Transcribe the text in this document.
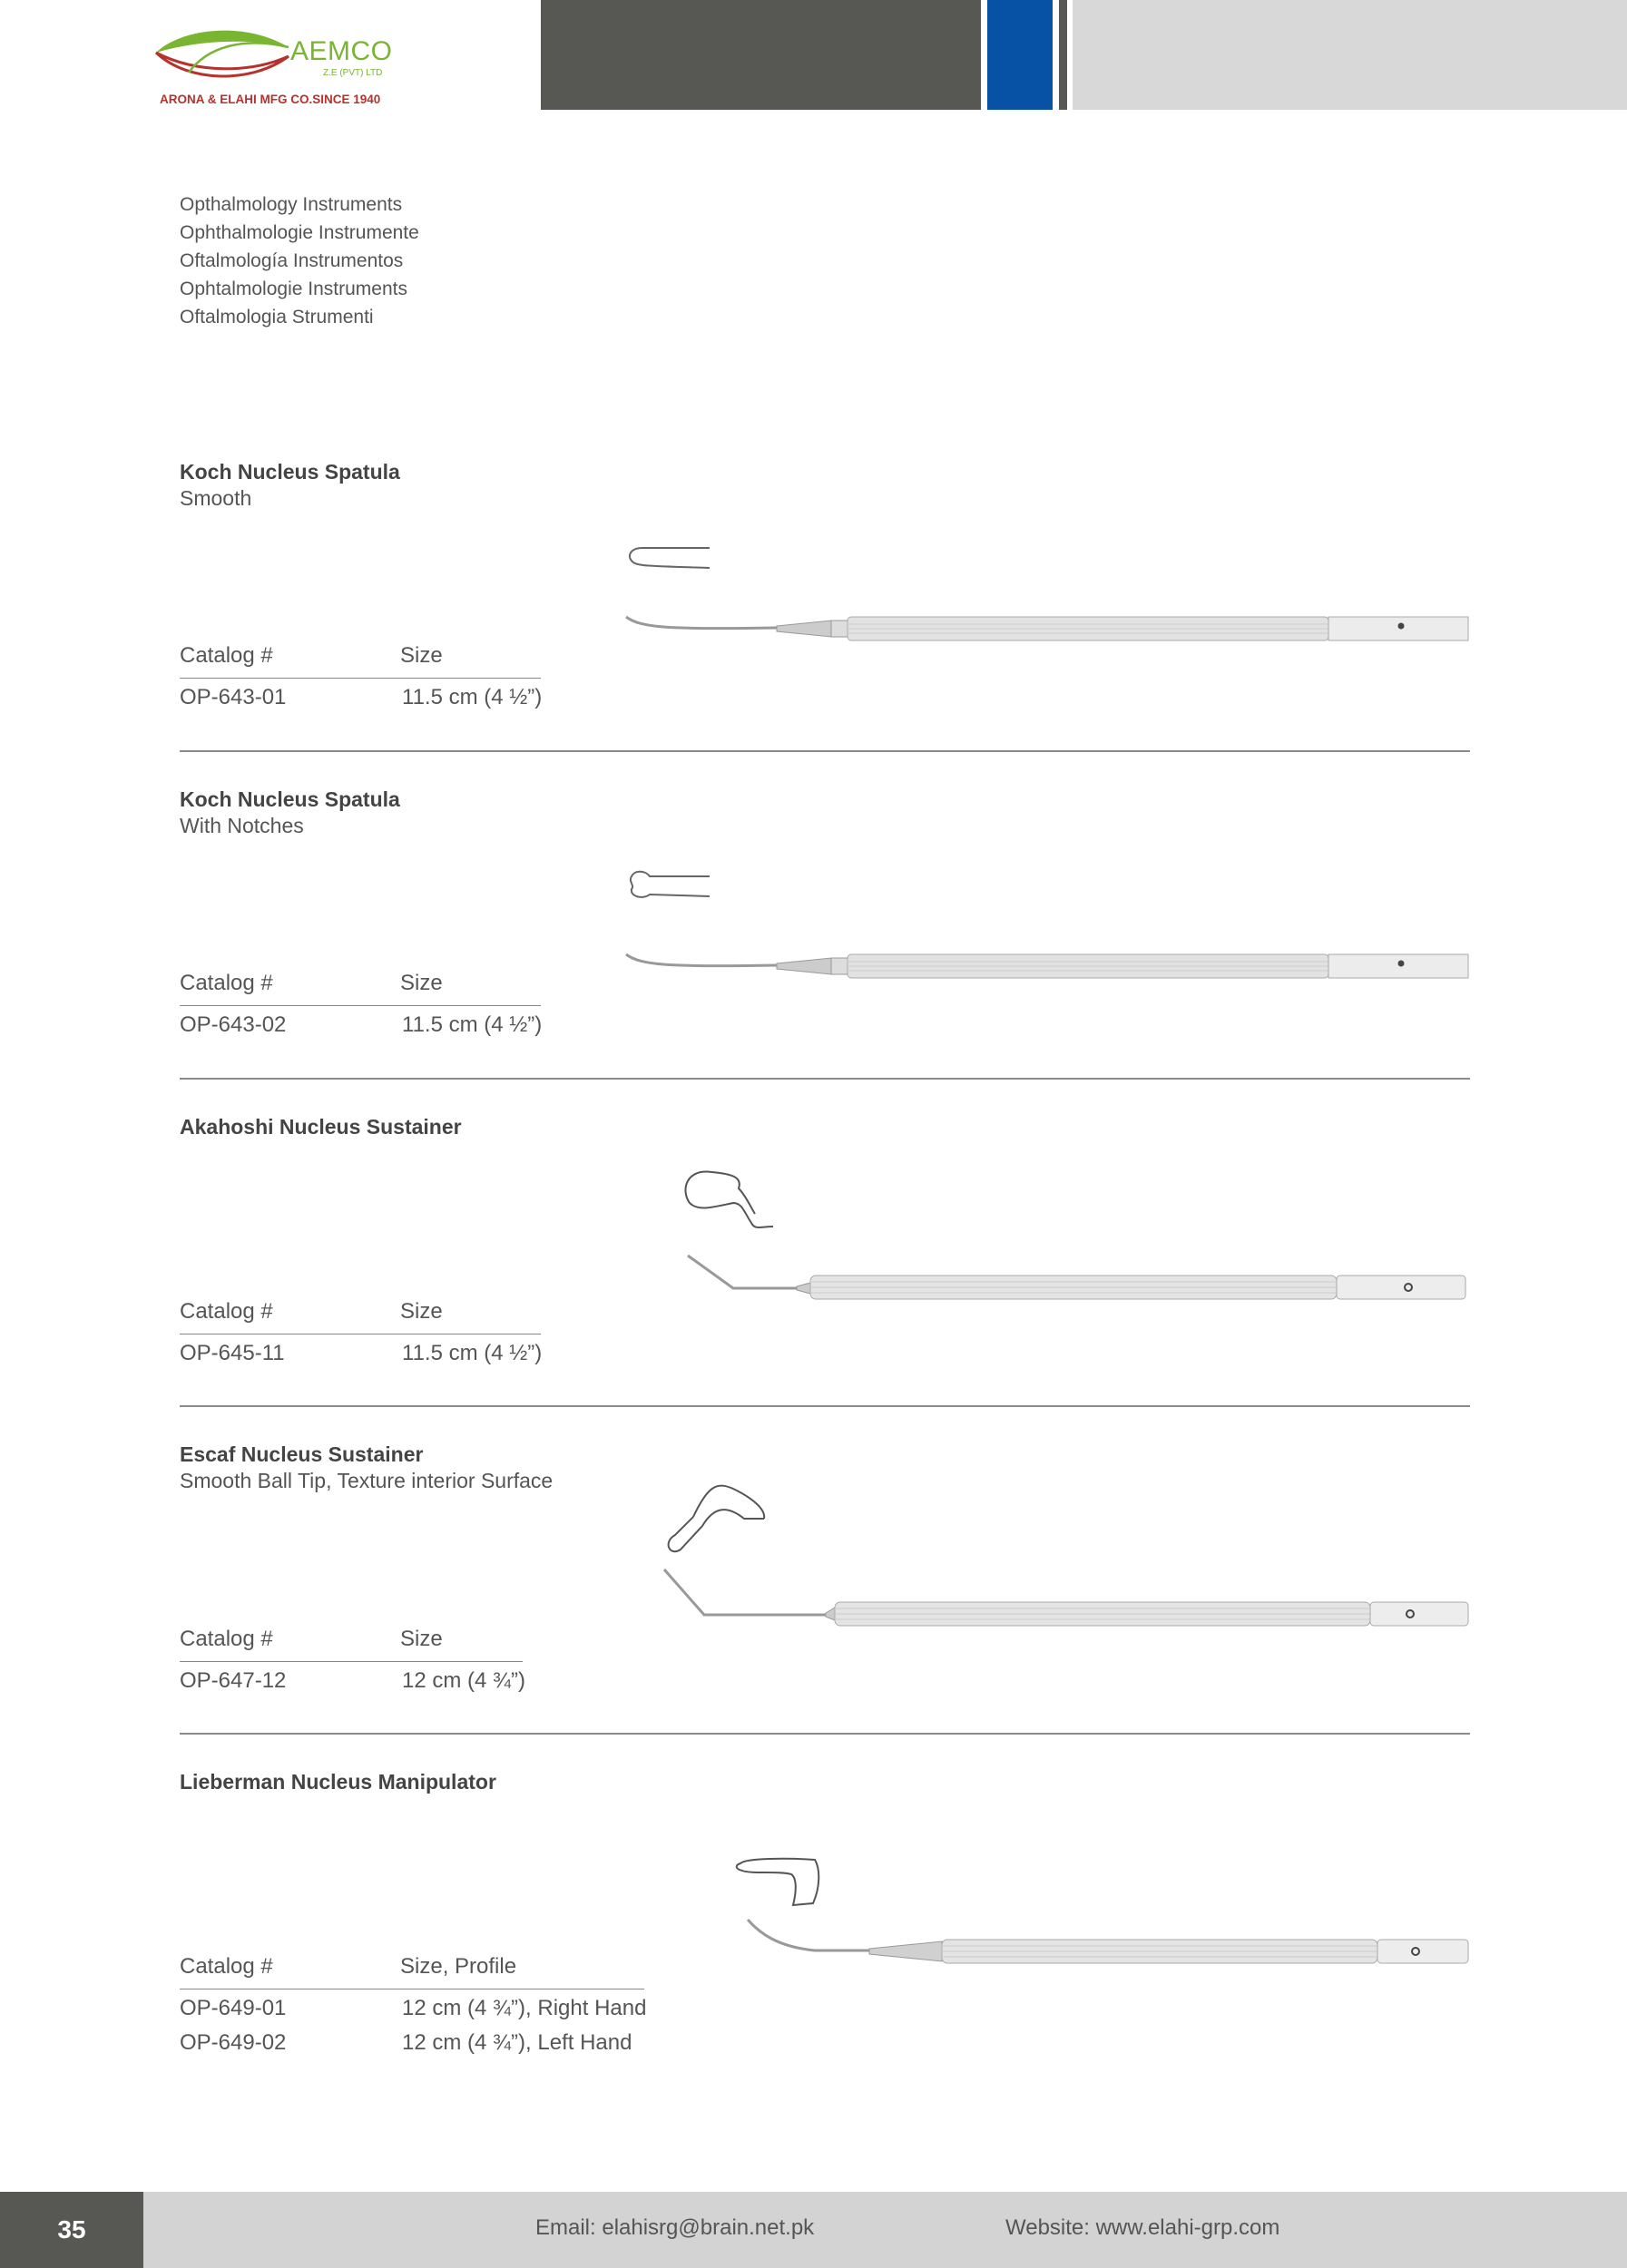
AEMCO
Z.E (PVT) LTD
ARONA & ELAHI MFG CO.SINCE 1940
Opthalmology Instruments
Ophthalmologie Instrumente
Oftalmología Instrumentos
Ophtalmologie Instruments
Oftalmologia Strumenti
Koch Nucleus Spatula
Smooth
Catalog #	Size
OP-643-01	11.5 cm (4 ½”)
Koch Nucleus Spatula
With Notches
Catalog #	Size
OP-643-02	11.5 cm (4 ½”)
Akahoshi Nucleus Sustainer
Catalog #	Size
OP-645-11	11.5 cm (4 ½”)
Escaf Nucleus Sustainer
Smooth Ball Tip, Texture interior Surface
Catalog #	Size
OP-647-12	12 cm (4 ¾”)
Lieberman Nucleus Manipulator
Catalog #	Size, Profile
OP-649-01	12 cm (4 ¾”), Right Hand
OP-649-02	12 cm (4 ¾”), Left Hand
35	Email: elahisrg@brain.net.pk	Website: www.elahi-grp.com
